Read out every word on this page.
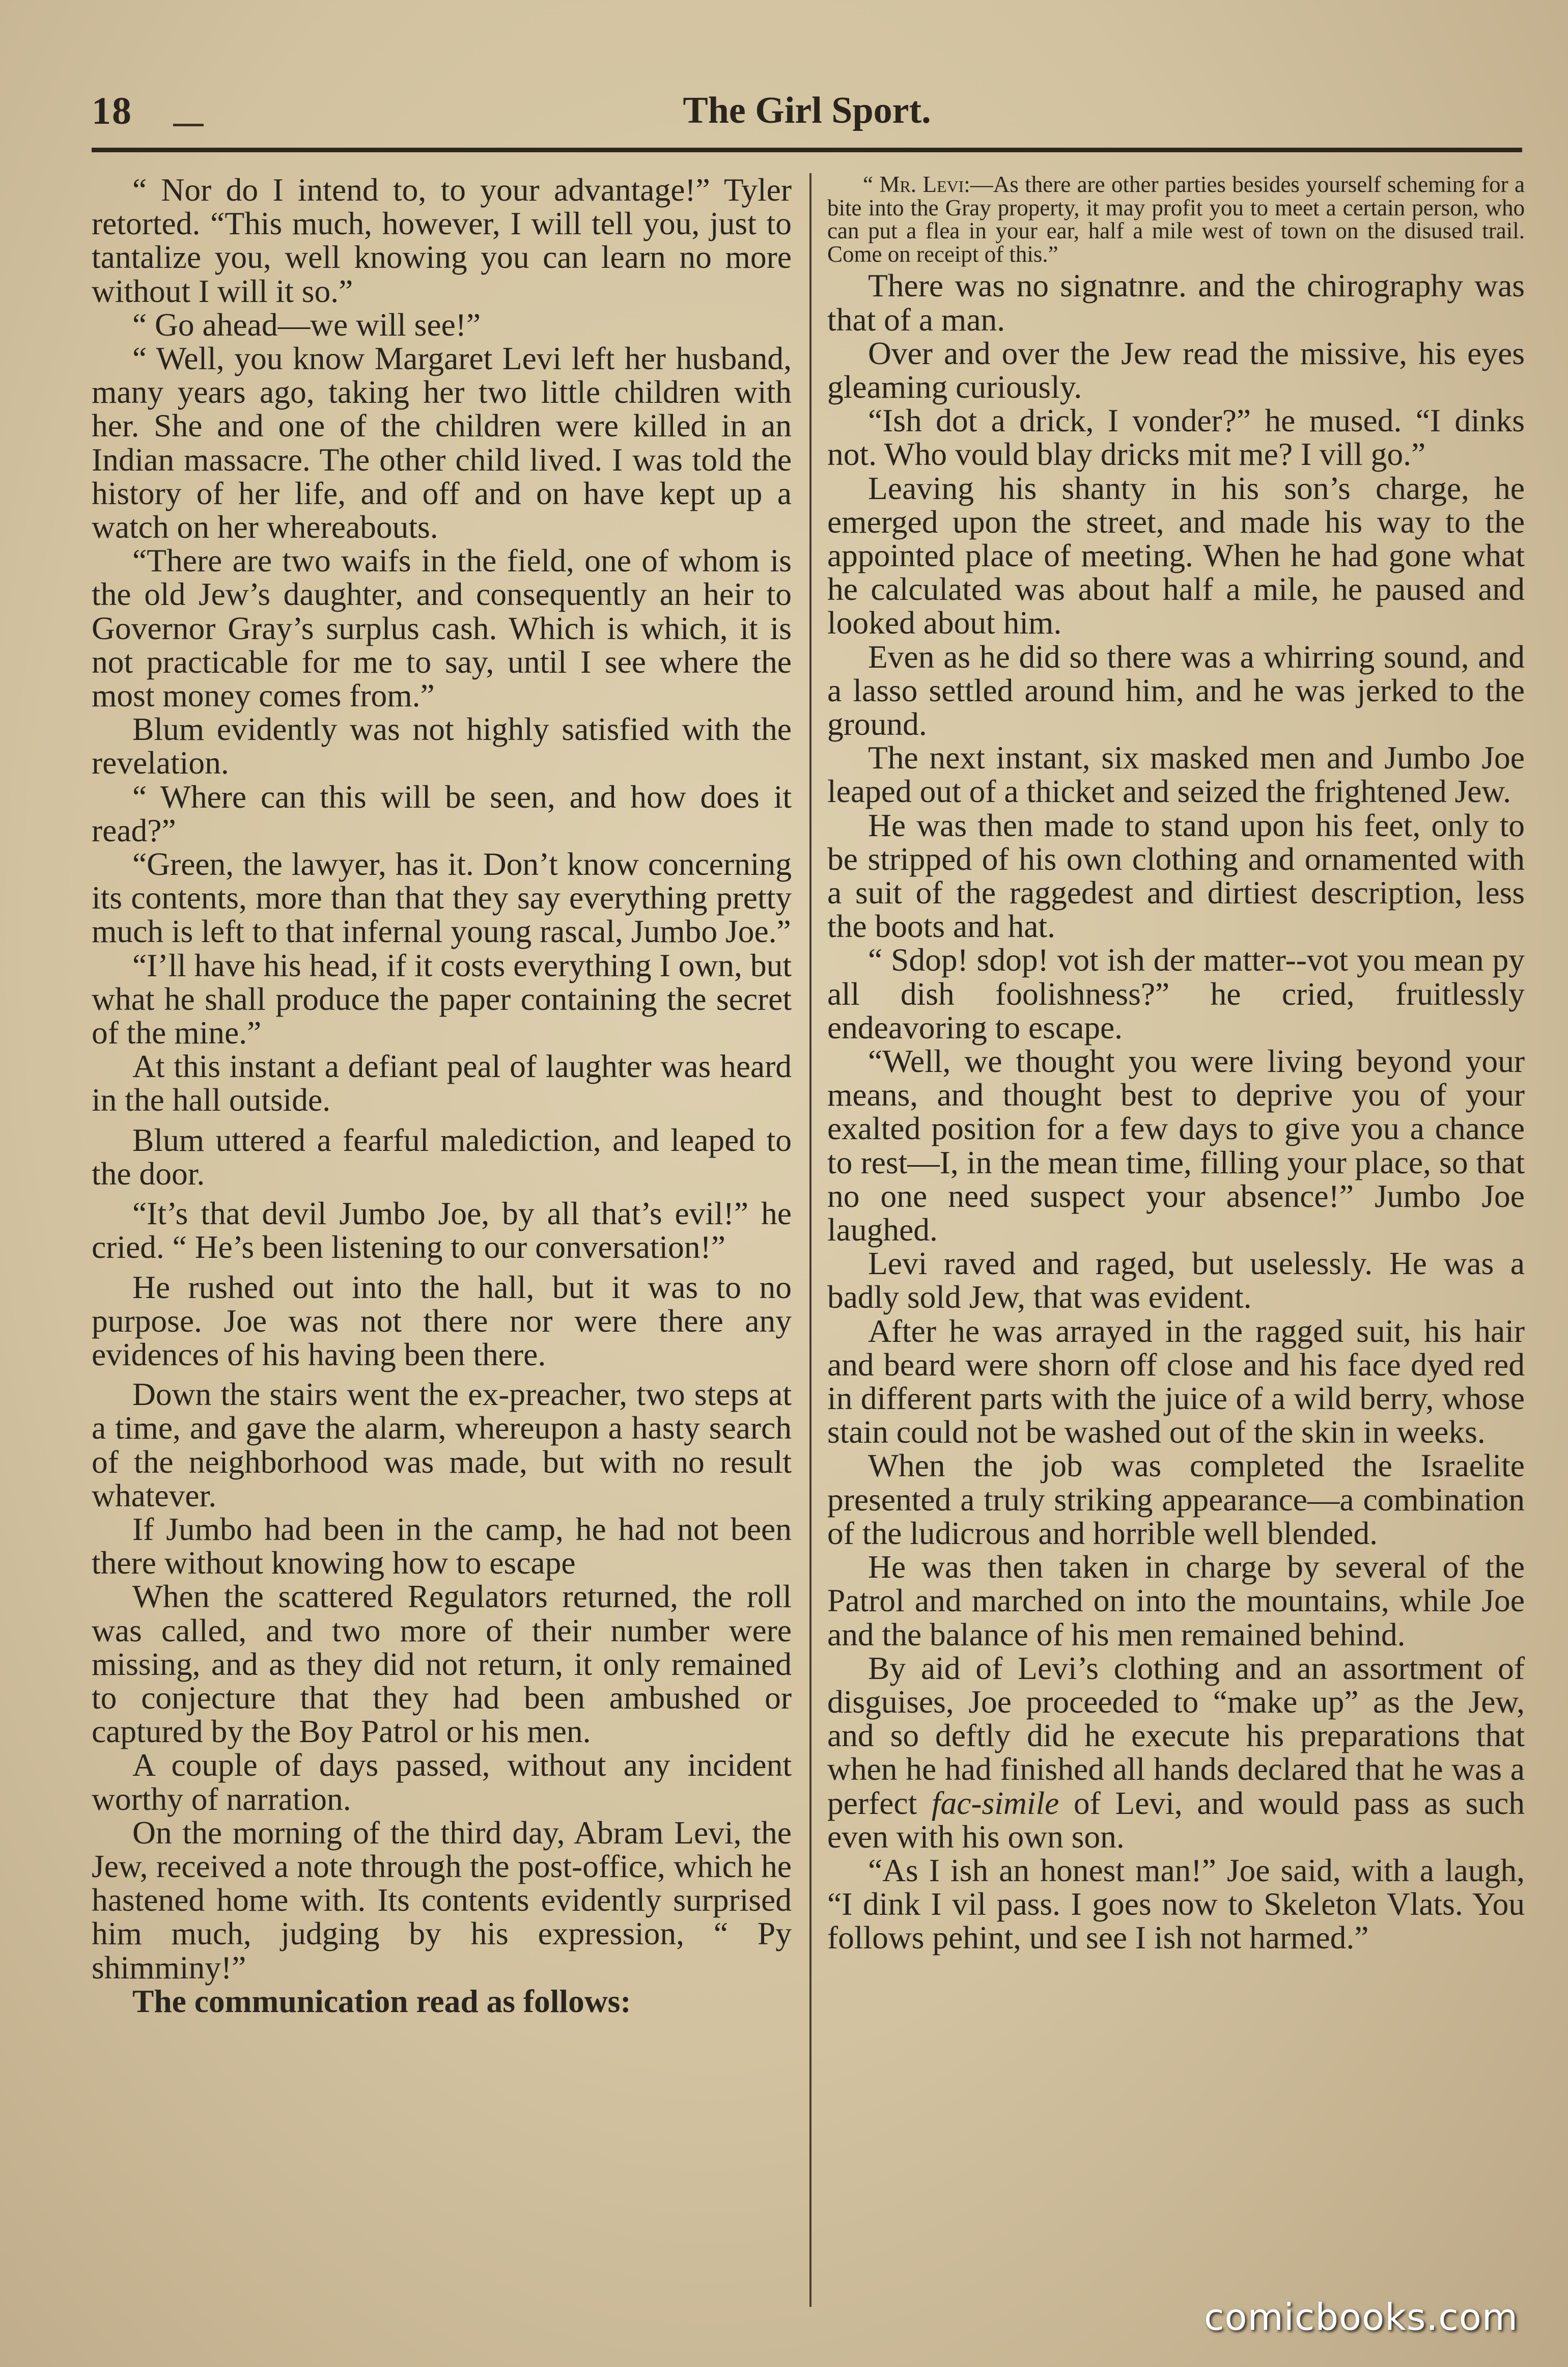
18	The Girl Sport.

“ Nor do I intend to, to your advantage!” Tyler retorted. “This much, however, I will tell you, just to tantalize you, well knowing you can learn no more without I will it so.”

“ Go ahead—we will see!”

“ Well, you know Margaret Levi left her husband, many years ago, taking her two little children with her. She and one of the children were killed in an Indian massacre. The other child lived. I was told the history of her life, and off and on have kept up a watch on her whereabouts.

“There are two waifs in the field, one of whom is the old Jew’s daughter, and consequently an heir to Governor Gray’s surplus cash. Which is which, it is not practicable for me to say, until I see where the most money comes from.”

Blum evidently was not highly satisfied with the revelation.

“ Where can this will be seen, and how does it read?”

“Green, the lawyer, has it. Don’t know concerning its contents, more than that they say everything pretty much is left to that infernal young rascal, Jumbo Joe.”

“I’ll have his head, if it costs everything I own, but what he shall produce the paper containing the secret of the mine.”

At this instant a defiant peal of laughter was heard in the hall outside.

Blum uttered a fearful malediction, and leaped to the door.

“It’s that devil Jumbo Joe, by all that’s evil!” he cried. “ He’s been listening to our conversation!”

He rushed out into the hall, but it was to no purpose. Joe was not there nor were there any evidences of his having been there.

Down the stairs went the ex-preacher, two steps at a time, and gave the alarm, whereupon a hasty search of the neighborhood was made, but with no result whatever.

If Jumbo had been in the camp, he had not been there without knowing how to escape

When the scattered Regulators returned, the roll was called, and two more of their number were missing, and as they did not return, it only remained to conjecture that they had been ambushed or captured by the Boy Patrol or his men.

A couple of days passed, without any incident worthy of narration.

On the morning of the third day, Abram Levi, the Jew, received a note through the post-office, which he hastened home with. Its contents evidently surprised him much, judging by his expression, “ Py shimminy!”

The communication read as follows:

“ Mr. Levi:—As there are other parties besides yourself scheming for a bite into the Gray property, it may profit you to meet a certain person, who can put a flea in your ear, half a mile west of town on the disused trail. Come on receipt of this.”

There was no signatnre. and the chirography was that of a man.

Over and over the Jew read the missive, his eyes gleaming curiously.

“Ish dot a drick, I vonder?” he mused. “I dinks not. Who vould blay dricks mit me? I vill go.”

Leaving his shanty in his son’s charge, he emerged upon the street, and made his way to the appointed place of meeting. When he had gone what he calculated was about half a mile, he paused and looked about him.

Even as he did so there was a whirring sound, and a lasso settled around him, and he was jerked to the ground.

The next instant, six masked men and Jumbo Joe leaped out of a thicket and seized the frightened Jew.

He was then made to stand upon his feet, only to be stripped of his own clothing and ornamented with a suit of the raggedest and dirtiest description, less the boots and hat.

“ Sdop! sdop! vot ish der matter--vot you mean py all dish foolishness?” he cried, fruitlessly endeavoring to escape.

“Well, we thought you were living beyond your means, and thought best to deprive you of your exalted position for a few days to give you a chance to rest—I, in the mean time, filling your place, so that no one need suspect your absence!” Jumbo Joe laughed.

Levi raved and raged, but uselessly. He was a badly sold Jew, that was evident.

After he was arrayed in the ragged suit, his hair and beard were shorn off close and his face dyed red in different parts with the juice of a wild berry, whose stain could not be washed out of the skin in weeks.

When the job was completed the Israelite presented a truly striking appearance—a combination of the ludicrous and horrible well blended.

He was then taken in charge by several of the Patrol and marched on into the mountains, while Joe and the balance of his men remained behind.

By aid of Levi’s clothing and an assortment of disguises, Joe proceeded to “make up” as the Jew, and so deftly did he execute his preparations that when he had finished all hands declared that he was a perfect fac-simile of Levi, and would pass as such even with his own son.

“As I ish an honest man!” Joe said, with a laugh, “I dink I vil pass. I goes now to Skeleton Vlats. You follows pehint, und see I ish not harmed.”

comicbooks.com
